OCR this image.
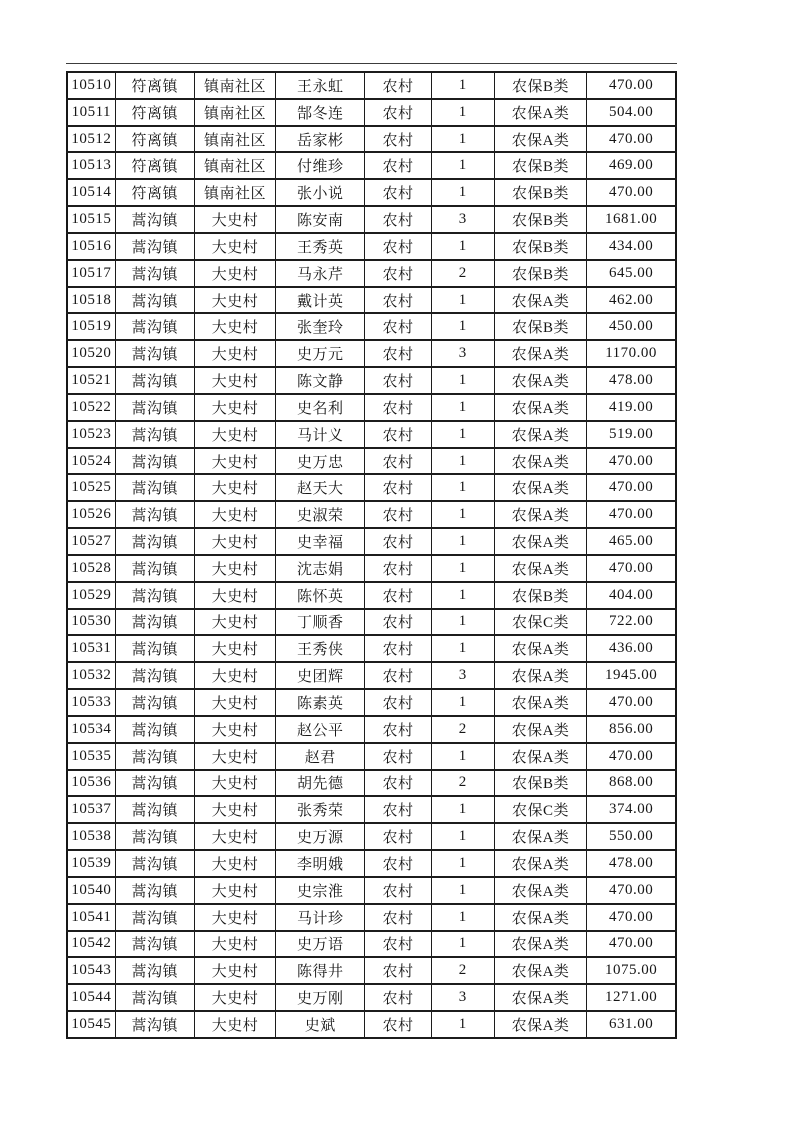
10510	符离镇	镇南社区	王永虹	农村	1	农保B类	470.00
10511	符离镇	镇南社区	郜冬连	农村	1	农保A类	504.00
10512	符离镇	镇南社区	岳家彬	农村	1	农保A类	470.00
10513	符离镇	镇南社区	付维珍	农村	1	农保B类	469.00
10514	符离镇	镇南社区	张小说	农村	1	农保B类	470.00
10515	蒿沟镇	大史村	陈安南	农村	3	农保B类	1681.00
10516	蒿沟镇	大史村	王秀英	农村	1	农保B类	434.00
10517	蒿沟镇	大史村	马永芹	农村	2	农保B类	645.00
10518	蒿沟镇	大史村	戴计英	农村	1	农保A类	462.00
10519	蒿沟镇	大史村	张奎玲	农村	1	农保B类	450.00
10520	蒿沟镇	大史村	史万元	农村	3	农保A类	1170.00
10521	蒿沟镇	大史村	陈文静	农村	1	农保A类	478.00
10522	蒿沟镇	大史村	史名利	农村	1	农保A类	419.00
10523	蒿沟镇	大史村	马计义	农村	1	农保A类	519.00
10524	蒿沟镇	大史村	史万忠	农村	1	农保A类	470.00
10525	蒿沟镇	大史村	赵天大	农村	1	农保A类	470.00
10526	蒿沟镇	大史村	史淑荣	农村	1	农保A类	470.00
10527	蒿沟镇	大史村	史幸福	农村	1	农保A类	465.00
10528	蒿沟镇	大史村	沈志娟	农村	1	农保A类	470.00
10529	蒿沟镇	大史村	陈怀英	农村	1	农保B类	404.00
10530	蒿沟镇	大史村	丁顺香	农村	1	农保C类	722.00
10531	蒿沟镇	大史村	王秀侠	农村	1	农保A类	436.00
10532	蒿沟镇	大史村	史团辉	农村	3	农保A类	1945.00
10533	蒿沟镇	大史村	陈素英	农村	1	农保A类	470.00
10534	蒿沟镇	大史村	赵公平	农村	2	农保A类	856.00
10535	蒿沟镇	大史村	赵君	农村	1	农保A类	470.00
10536	蒿沟镇	大史村	胡先德	农村	2	农保B类	868.00
10537	蒿沟镇	大史村	张秀荣	农村	1	农保C类	374.00
10538	蒿沟镇	大史村	史万源	农村	1	农保A类	550.00
10539	蒿沟镇	大史村	李明娥	农村	1	农保A类	478.00
10540	蒿沟镇	大史村	史宗淮	农村	1	农保A类	470.00
10541	蒿沟镇	大史村	马计珍	农村	1	农保A类	470.00
10542	蒿沟镇	大史村	史万语	农村	1	农保A类	470.00
10543	蒿沟镇	大史村	陈得井	农村	2	农保A类	1075.00
10544	蒿沟镇	大史村	史万刚	农村	3	农保A类	1271.00
10545	蒿沟镇	大史村	史斌	农村	1	农保A类	631.00
